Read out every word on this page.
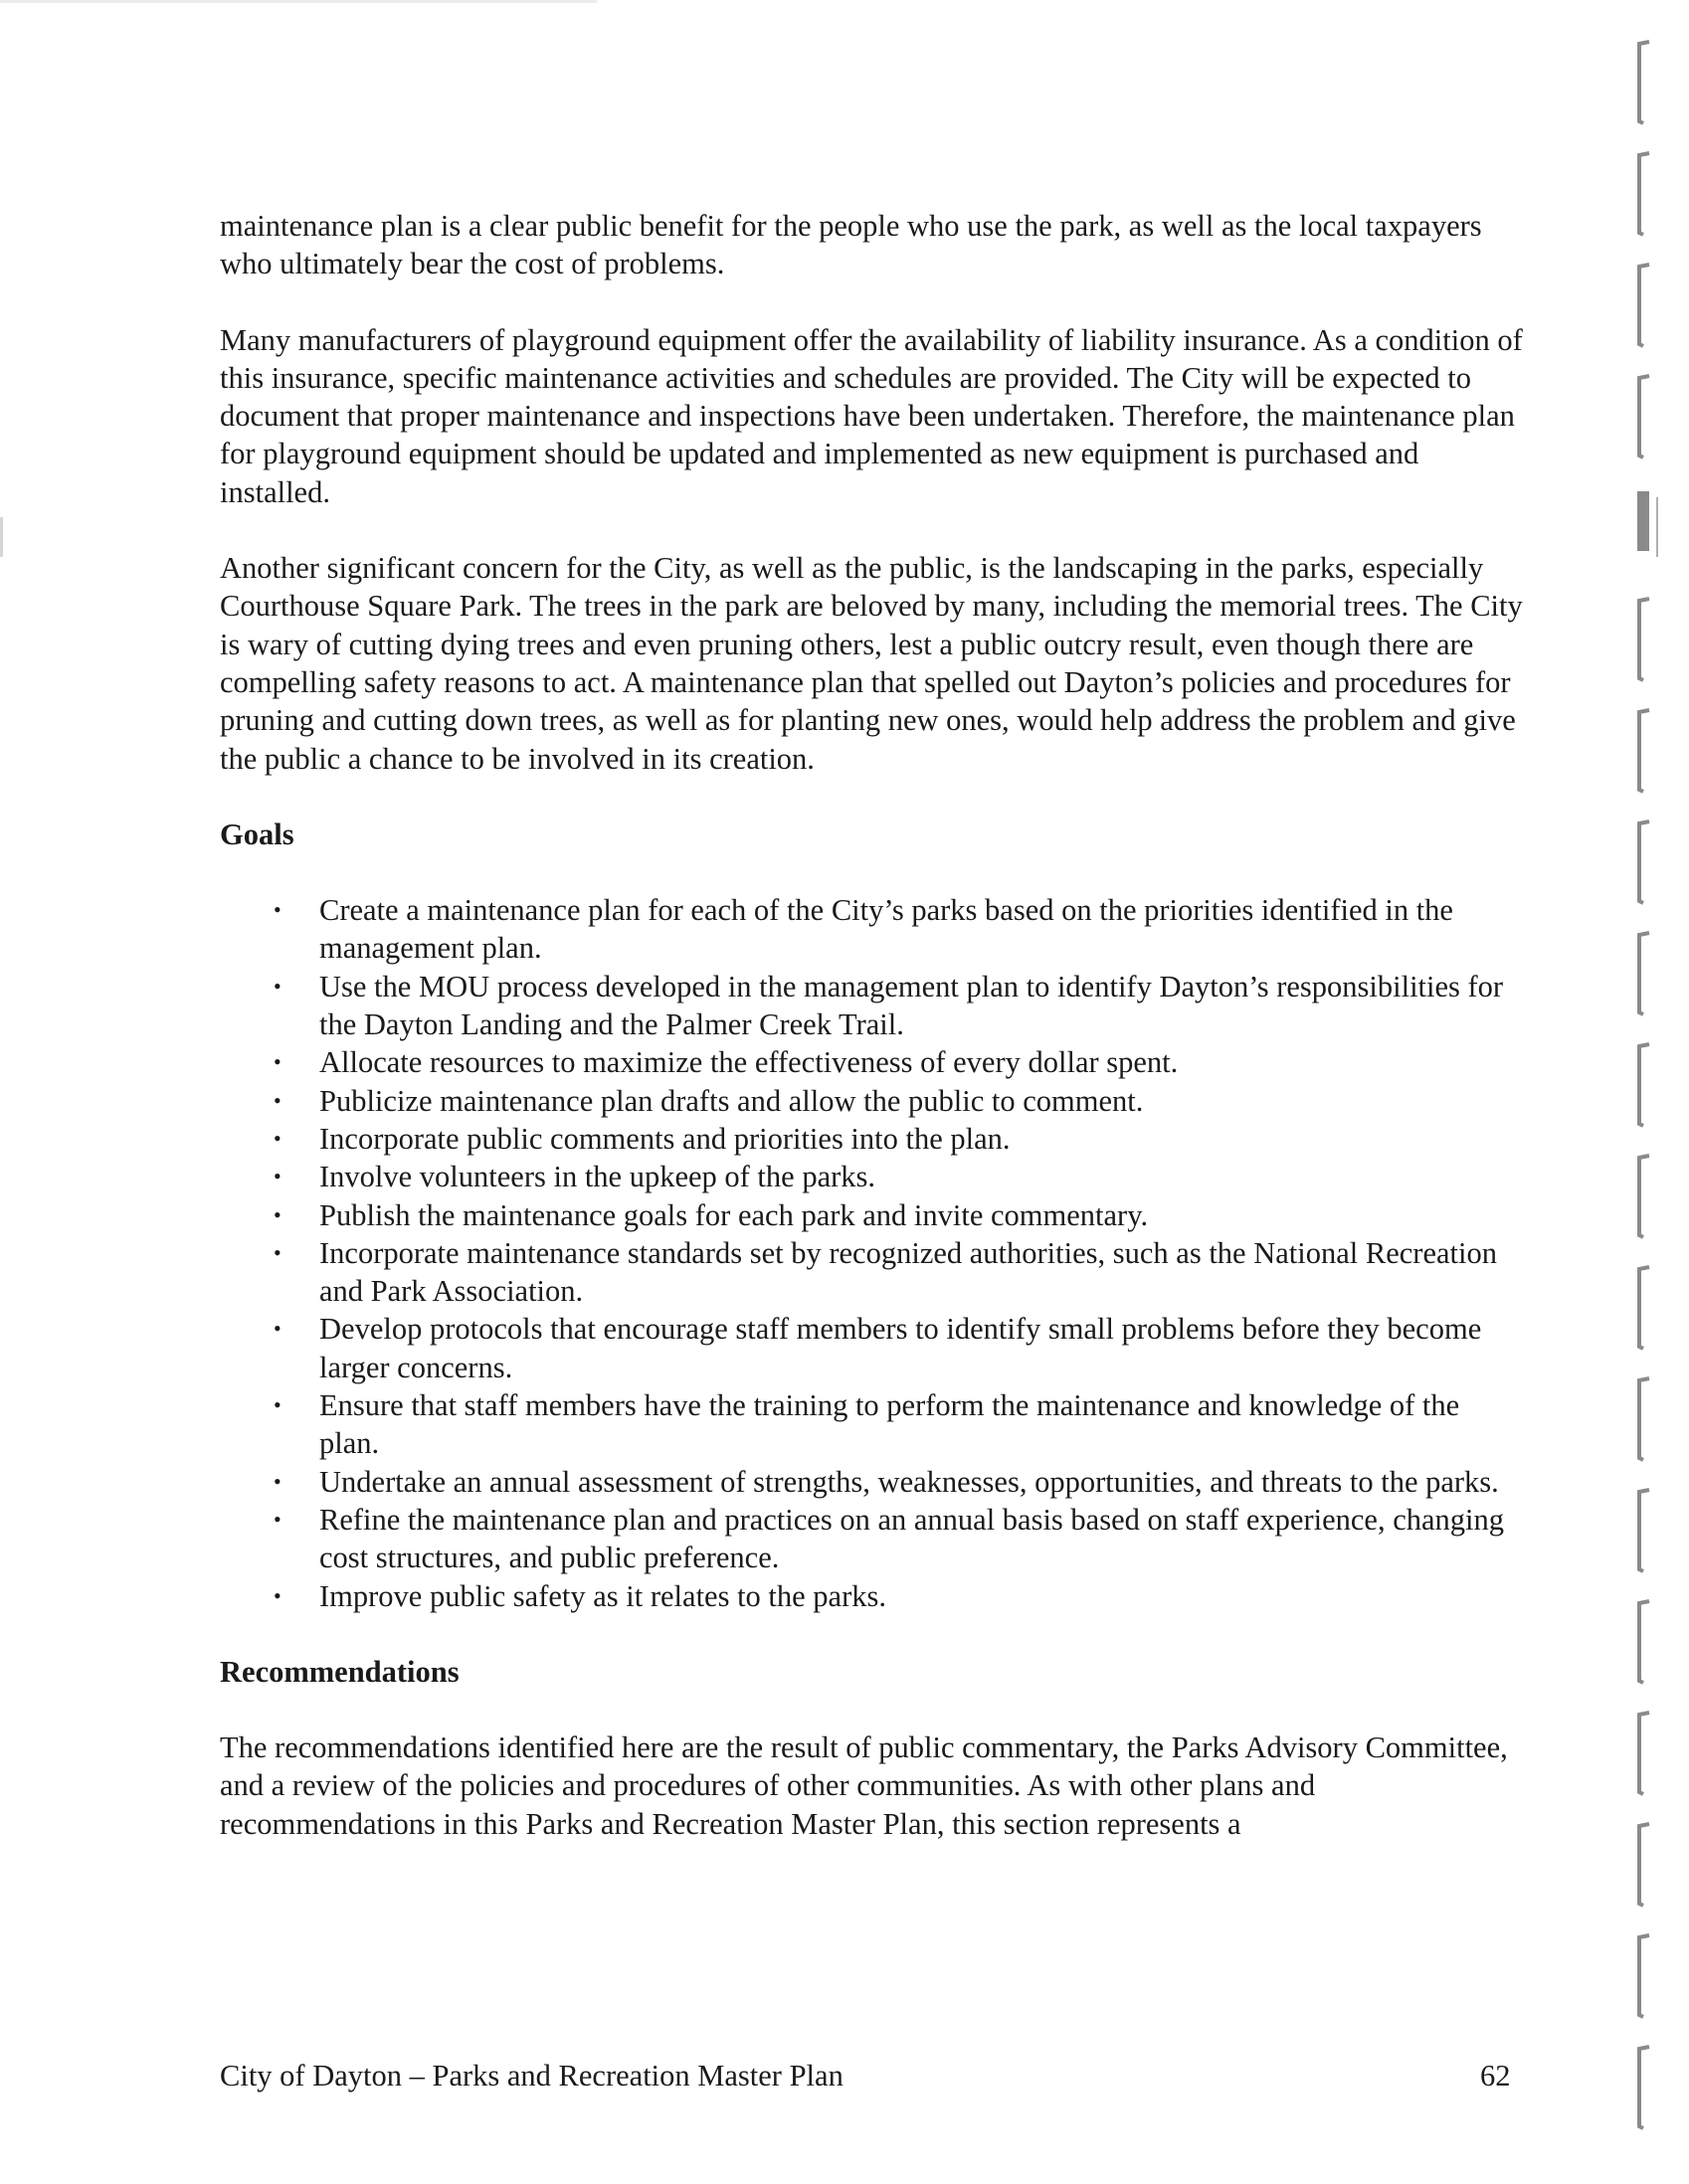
maintenance plan is a clear public benefit for the people who use the park, as well as the local taxpayers who ultimately bear the cost of problems.

Many manufacturers of playground equipment offer the availability of liability insurance. As a condition of this insurance, specific maintenance activities and schedules are provided. The City will be expected to document that proper maintenance and inspections have been undertaken. Therefore, the maintenance plan for playground equipment should be updated and implemented as new equipment is purchased and installed.

Another significant concern for the City, as well as the public, is the landscaping in the parks, especially Courthouse Square Park. The trees in the park are beloved by many, including the memorial trees. The City is wary of cutting dying trees and even pruning others, lest a public outcry result, even though there are compelling safety reasons to act. A maintenance plan that spelled out Dayton’s policies and procedures for pruning and cutting down trees, as well as for planting new ones, would help address the problem and give the public a chance to be involved in its creation.

Goals
• Create a maintenance plan for each of the City’s parks based on the priorities identified in the management plan.
• Use the MOU process developed in the management plan to identify Dayton’s responsibilities for the Dayton Landing and the Palmer Creek Trail.
• Allocate resources to maximize the effectiveness of every dollar spent.
• Publicize maintenance plan drafts and allow the public to comment.
• Incorporate public comments and priorities into the plan.
• Involve volunteers in the upkeep of the parks.
• Publish the maintenance goals for each park and invite commentary.
• Incorporate maintenance standards set by recognized authorities, such as the National Recreation and Park Association.
• Develop protocols that encourage staff members to identify small problems before they become larger concerns.
• Ensure that staff members have the training to perform the maintenance and knowledge of the plan.
• Undertake an annual assessment of strengths, weaknesses, opportunities, and threats to the parks.
• Refine the maintenance plan and practices on an annual basis based on staff experience, changing cost structures, and public preference.
• Improve public safety as it relates to the parks.
Recommendations

The recommendations identified here are the result of public commentary, the Parks Advisory Committee, and a review of the policies and procedures of other communities. As with other plans and recommendations in this Parks and Recreation Master Plan, this section represents a

City of Dayton – Parks and Recreation Master Plan	62
